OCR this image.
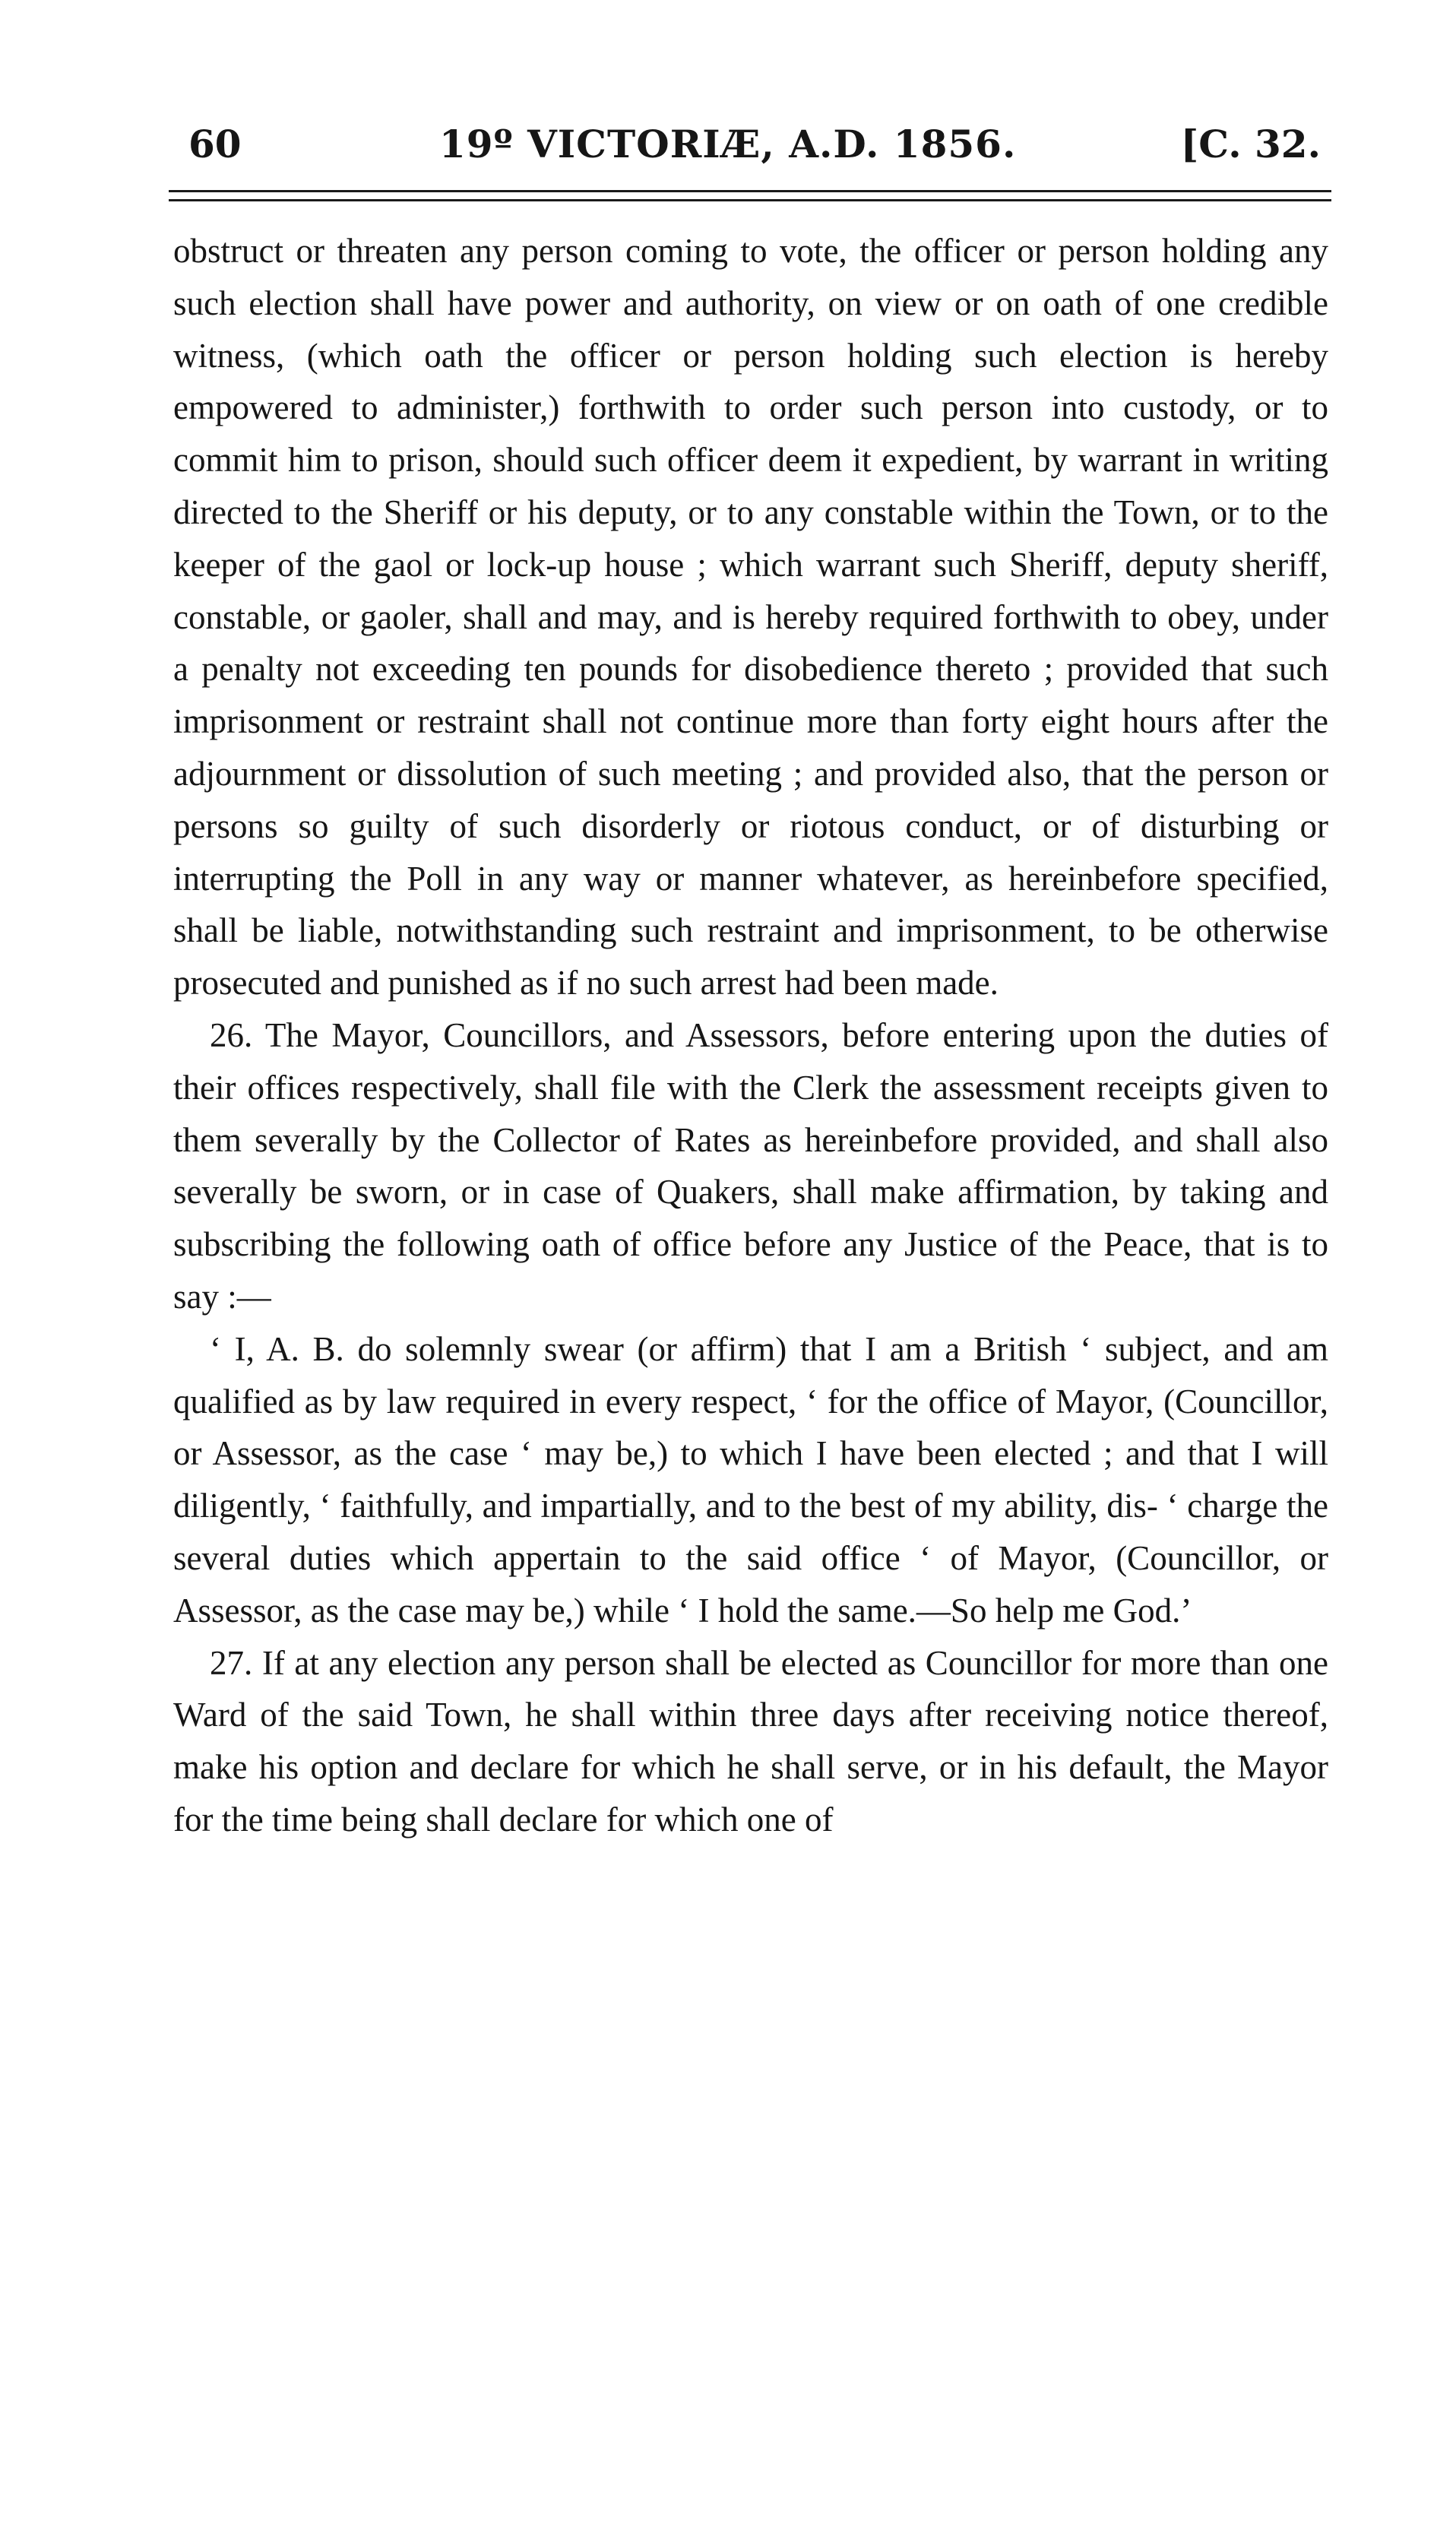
60	19º VICTORIÆ, A.D. 1856.	[C. 32.

obstruct or threaten any person coming to vote, the officer or person holding any such election shall have power and authority, on view or on oath of one credible witness, (which oath the officer or person holding such election is hereby empowered to administer,) forthwith to order such person into custody, or to commit him to prison, should such officer deem it expedient, by warrant in writing directed to the Sheriff or his deputy, or to any constable within the Town, or to the keeper of the gaol or lock-up house ; which warrant such Sheriff, deputy sheriff, constable, or gaoler, shall and may, and is hereby required forthwith to obey, under a penalty not exceeding ten pounds for disobedience thereto ; provided that such imprisonment or restraint shall not continue more than forty eight hours after the adjournment or dissolution of such meeting ; and provided also, that the person or persons so guilty of such disorderly or riotous conduct, or of disturbing or interrupting the Poll in any way or manner whatever, as hereinbefore specified, shall be liable, notwithstanding such restraint and imprisonment, to be otherwise prosecuted and punished as if no such arrest had been made.

26. The Mayor, Councillors, and Assessors, before entering upon the duties of their offices respectively, shall file with the Clerk the assessment receipts given to them severally by the Collector of Rates as hereinbefore provided, and shall also severally be sworn, or in case of Quakers, shall make affirmation, by taking and subscribing the following oath of office before any Justice of the Peace, that is to say :—

‘ I, A. B. do solemnly swear (or affirm) that I am a British ‘ subject, and am qualified as by law required in every respect, ‘ for the office of Mayor, (Councillor, or Assessor, as the case ‘ may be,) to which I have been elected ; and that I will diligently, ‘ faithfully, and impartially, and to the best of my ability, dis- ‘ charge the several duties which appertain to the said office ‘ of Mayor, (Councillor, or Assessor, as the case may be,) while ‘ I hold the same.—So help me God.’

27. If at any election any person shall be elected as Councillor for more than one Ward of the said Town, he shall within three days after receiving notice thereof, make his option and declare for which he shall serve, or in his default, the Mayor for the time being shall declare for which one of
